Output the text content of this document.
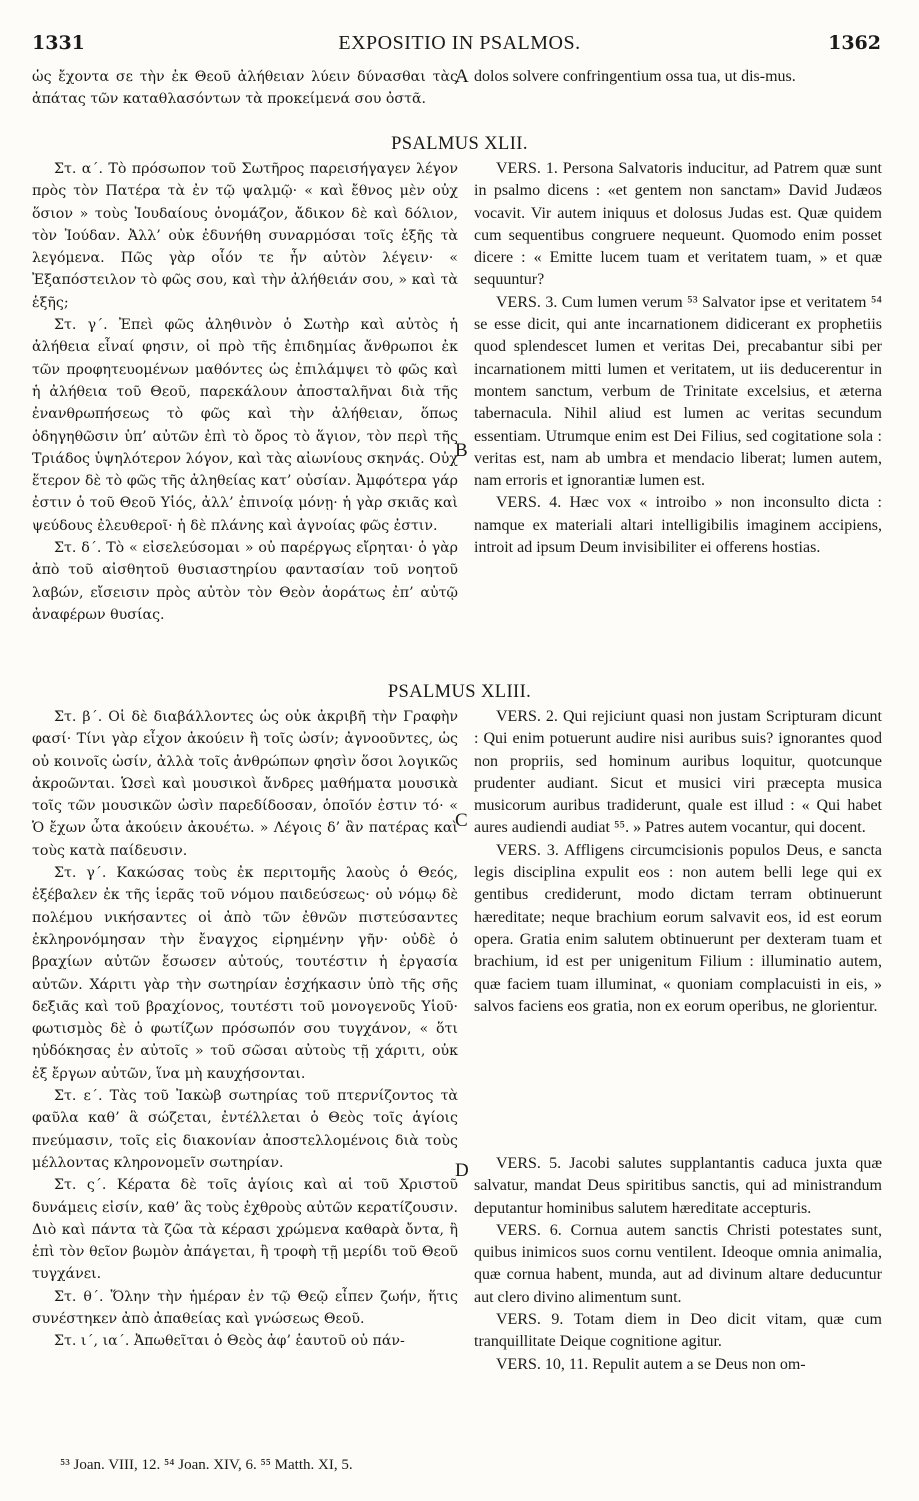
1331	EXPOSITIO IN PSALMOS.	1362

ὡς ἔχοντα σε τὴν ἐκ Θεοῦ ἀλήθειαν λύειν δύνασθαι τὰς ἀπάτας τῶν καταθλασόντων τὰ προκείμενά σου ὀστᾶ.

dolos solvere confringentium ossa tua, ut dis-mus.

A
PSALMUS XLII.

Στ. α΄. Τὸ πρόσωπον τοῦ Σωτῆρος παρεισήγαγεν λέγον πρὸς τὸν Πατέρα τὰ ἐν τῷ ψαλμῷ· « καὶ ἔθνος μὲν οὐχ ὅσιον » τοὺς Ἰουδαίους ὀνομάζον, ἄδικον δὲ καὶ δόλιον, τὸν Ἰούδαν. Ἀλλ’ οὐκ ἐδυνήθη συναρμόσαι τοῖς ἑξῆς τὰ λεγόμενα. Πῶς γὰρ οἷόν τε ἦν αὐτὸν λέγειν· « Ἐξαπόστειλον τὸ φῶς σου, καὶ τὴν ἀλήθειάν σου, » καὶ τὰ ἑξῆς;

Στ. γ΄. Ἐπεὶ φῶς ἀληθινὸν ὁ Σωτὴρ καὶ αὐτὸς ἡ ἀλήθεια εἶναί φησιν, οἱ πρὸ τῆς ἐπιδημίας ἄνθρωποι ἐκ τῶν προφητευομένων μαθόντες ὡς ἐπιλάμψει τὸ φῶς καὶ ἡ ἀλήθεια τοῦ Θεοῦ, παρεκάλουν ἀποσταλῆναι διὰ τῆς ἐνανθρωπήσεως τὸ φῶς καὶ τὴν ἀλήθειαν, ὅπως ὁδηγηθῶσιν ὑπ’ αὐτῶν ἐπὶ τὸ ὄρος τὸ ἅγιον, τὸν περὶ τῆς Τριάδος ὑψηλότερον λόγον, καὶ τὰς αἰωνίους σκηνάς. Οὐχ ἕτερον δὲ τὸ φῶς τῆς ἀληθείας κατ’ οὐσίαν. Ἀμφότερα γάρ ἐστιν ὁ τοῦ Θεοῦ Υἱός, ἀλλ’ ἐπινοίᾳ μόνῃ· ἡ γὰρ σκιᾶς καὶ ψεύδους ἐλευθεροῖ· ἡ δὲ πλάνης καὶ ἀγνοίας φῶς ἐστιν.

Στ. δ΄. Τὸ « εἰσελεύσομαι » οὐ παρέργως εἴρηται· ὁ γὰρ ἀπὸ τοῦ αἰσθητοῦ θυσιαστηρίου φαντασίαν τοῦ νοητοῦ λαβών, εἴσεισιν πρὸς αὐτὸν τὸν Θεὸν ἀοράτως ἐπ’ αὐτῷ ἀναφέρων θυσίας.

VERS. 1. Persona Salvatoris inducitur, ad Patrem quæ sunt in psalmo dicens : «et gentem non sanctam» David Judæos vocavit. Vir autem iniquus et dolosus Judas est. Quæ quidem cum sequentibus congruere nequeunt. Quomodo enim posset dicere : « Emitte lucem tuam et veritatem tuam, » et quæ sequuntur?

VERS. 3. Cum lumen verum ⁵³ Salvator ipse et veritatem ⁵⁴ se esse dicit, qui ante incarnationem didicerant ex prophetiis quod splendescet lumen et veritas Dei, precabantur sibi per incarnationem mitti lumen et veritatem, ut iis deducerentur in montem sanctum, verbum de Trinitate excelsius, et æterna tabernacula. Nihil aliud est lumen ac veritas secundum essentiam. Utrumque enim est Dei Filius, sed cogitatione sola : veritas est, nam ab umbra et mendacio liberat; lumen autem, nam erroris et ignorantiæ lumen est.

VERS. 4. Hæc vox « introibo » non inconsulto dicta : namque ex materiali altari intelligibilis imaginem accipiens, introit ad ipsum Deum invisibiliter ei offerens hostias.

B
PSALMUS XLIII.

Στ. β΄. Οἱ δὲ διαβάλλοντες ὡς οὐκ ἀκριβῆ τὴν Γραφὴν φασί· Τίνι γὰρ εἶχον ἀκούειν ἢ τοῖς ὠσίν; ἀγνοοῦντες, ὡς οὐ κοινοῖς ὠσίν, ἀλλὰ τοῖς ἀνθρώπων φησὶν ὅσοι λογικῶς ἀκροῶνται. Ὡσεὶ καὶ μουσικοὶ ἄνδρες μαθήματα μουσικὰ τοῖς τῶν μουσικῶν ὠσὶν παρεδίδοσαν, ὁποῖόν ἐστιν τό· « Ὁ ἔχων ὦτα ἀκούειν ἀκουέτω. » Λέγοις δ’ ἂν πατέρας καὶ τοὺς κατὰ παίδευσιν.

Στ. γ΄. Κακώσας τοὺς ἐκ περιτομῆς λαοὺς ὁ Θεός, ἐξέβαλεν ἐκ τῆς ἱερᾶς τοῦ νόμου παιδεύσεως· οὐ νόμῳ δὲ πολέμου νικήσαντες οἱ ἀπὸ τῶν ἐθνῶν πιστεύσαντες ἐκληρονόμησαν τὴν ἔναγχος εἰρημένην γῆν· οὐδὲ ὁ βραχίων αὐτῶν ἔσωσεν αὐτούς, τουτέστιν ἡ ἐργασία αὐτῶν. Χάριτι γὰρ τὴν σωτηρίαν ἐσχήκασιν ὑπὸ τῆς σῆς δεξιᾶς καὶ τοῦ βραχίονος, τουτέστι τοῦ μονογενοῦς Υἱοῦ· φωτισμὸς δὲ ὁ φωτίζων πρόσωπόν σου τυγχάνον, « ὅτι ηὐδόκησας ἐν αὐτοῖς » τοῦ σῶσαι αὐτοὺς τῇ χάριτι, οὐκ ἐξ ἔργων αὐτῶν, ἵνα μὴ καυχήσονται.

Στ. ε΄. Τὰς τοῦ Ἰακὼβ σωτηρίας τοῦ πτερνίζοντος τὰ φαῦλα καθ’ ἃ σώζεται, ἐντέλλεται ὁ Θεὸς τοῖς ἁγίοις πνεύμασιν, τοῖς εἰς διακονίαν ἀποστελλομένοις διὰ τοὺς μέλλοντας κληρονομεῖν σωτηρίαν.

Στ. ς΄. Κέρατα δὲ τοῖς ἁγίοις καὶ αἱ τοῦ Χριστοῦ δυνάμεις εἰσίν, καθ’ ἃς τοὺς ἐχθροὺς αὐτῶν κερατίζουσιν. Διὸ καὶ πάντα τὰ ζῶα τὰ κέρασι χρώμενα καθαρὰ ὄντα, ἢ ἐπὶ τὸν θεῖον βωμὸν ἀπάγεται, ἢ τροφὴ τῇ μερίδι τοῦ Θεοῦ τυγχάνει.

Στ. θ΄. Ὅλην τὴν ἡμέραν ἐν τῷ Θεῷ εἶπεν ζωήν, ἥτις συνέστηκεν ἀπὸ ἀπαθείας καὶ γνώσεως Θεοῦ.

Στ. ι΄, ια΄. Ἀπωθεῖται ὁ Θεὸς ἀφ’ ἑαυτοῦ οὐ πάν-

VERS. 2. Qui rejiciunt quasi non justam Scripturam dicunt : Qui enim potuerunt audire nisi auribus suis? ignorantes quod non propriis, sed hominum auribus loquitur, quotcunque prudenter audiant. Sicut et musici viri præcepta musica musicorum auribus tradiderunt, quale est illud : « Qui habet aures audiendi audiat ⁵⁵. » Patres autem vocantur, qui docent.

VERS. 3. Affligens circumcisionis populos Deus, e sancta legis disciplina expulit eos : non autem belli lege qui ex gentibus crediderunt, modo dictam terram obtinuerunt hæreditate; neque brachium eorum salvavit eos, id est eorum opera. Gratia enim salutem obtinuerunt per dexteram tuam et brachium, id est per unigenitum Filium : illuminatio autem, quæ faciem tuam illuminat, « quoniam complacuisti in eis, » salvos faciens eos gratia, non ex eorum operibus, ne glorientur.

VERS. 5. Jacobi salutes supplantantis caduca juxta quæ salvatur, mandat Deus spiritibus sanctis, qui ad ministrandum deputantur hominibus salutem hæreditate accepturis.

VERS. 6. Cornua autem sanctis Christi potestates sunt, quibus inimicos suos cornu ventilent. Ideoque omnia animalia, quæ cornua habent, munda, aut ad divinum altare deducuntur aut clero divino alimentum sunt.

VERS. 9. Totam diem in Deo dicit vitam, quæ cum tranquillitate Deique cognitione agitur.

VERS. 10, 11. Repulit autem a se Deus non om-

C
D
⁵³ Joan. VIII, 12. ⁵⁴ Joan. XIV, 6. ⁵⁵ Matth. XI, 5.
